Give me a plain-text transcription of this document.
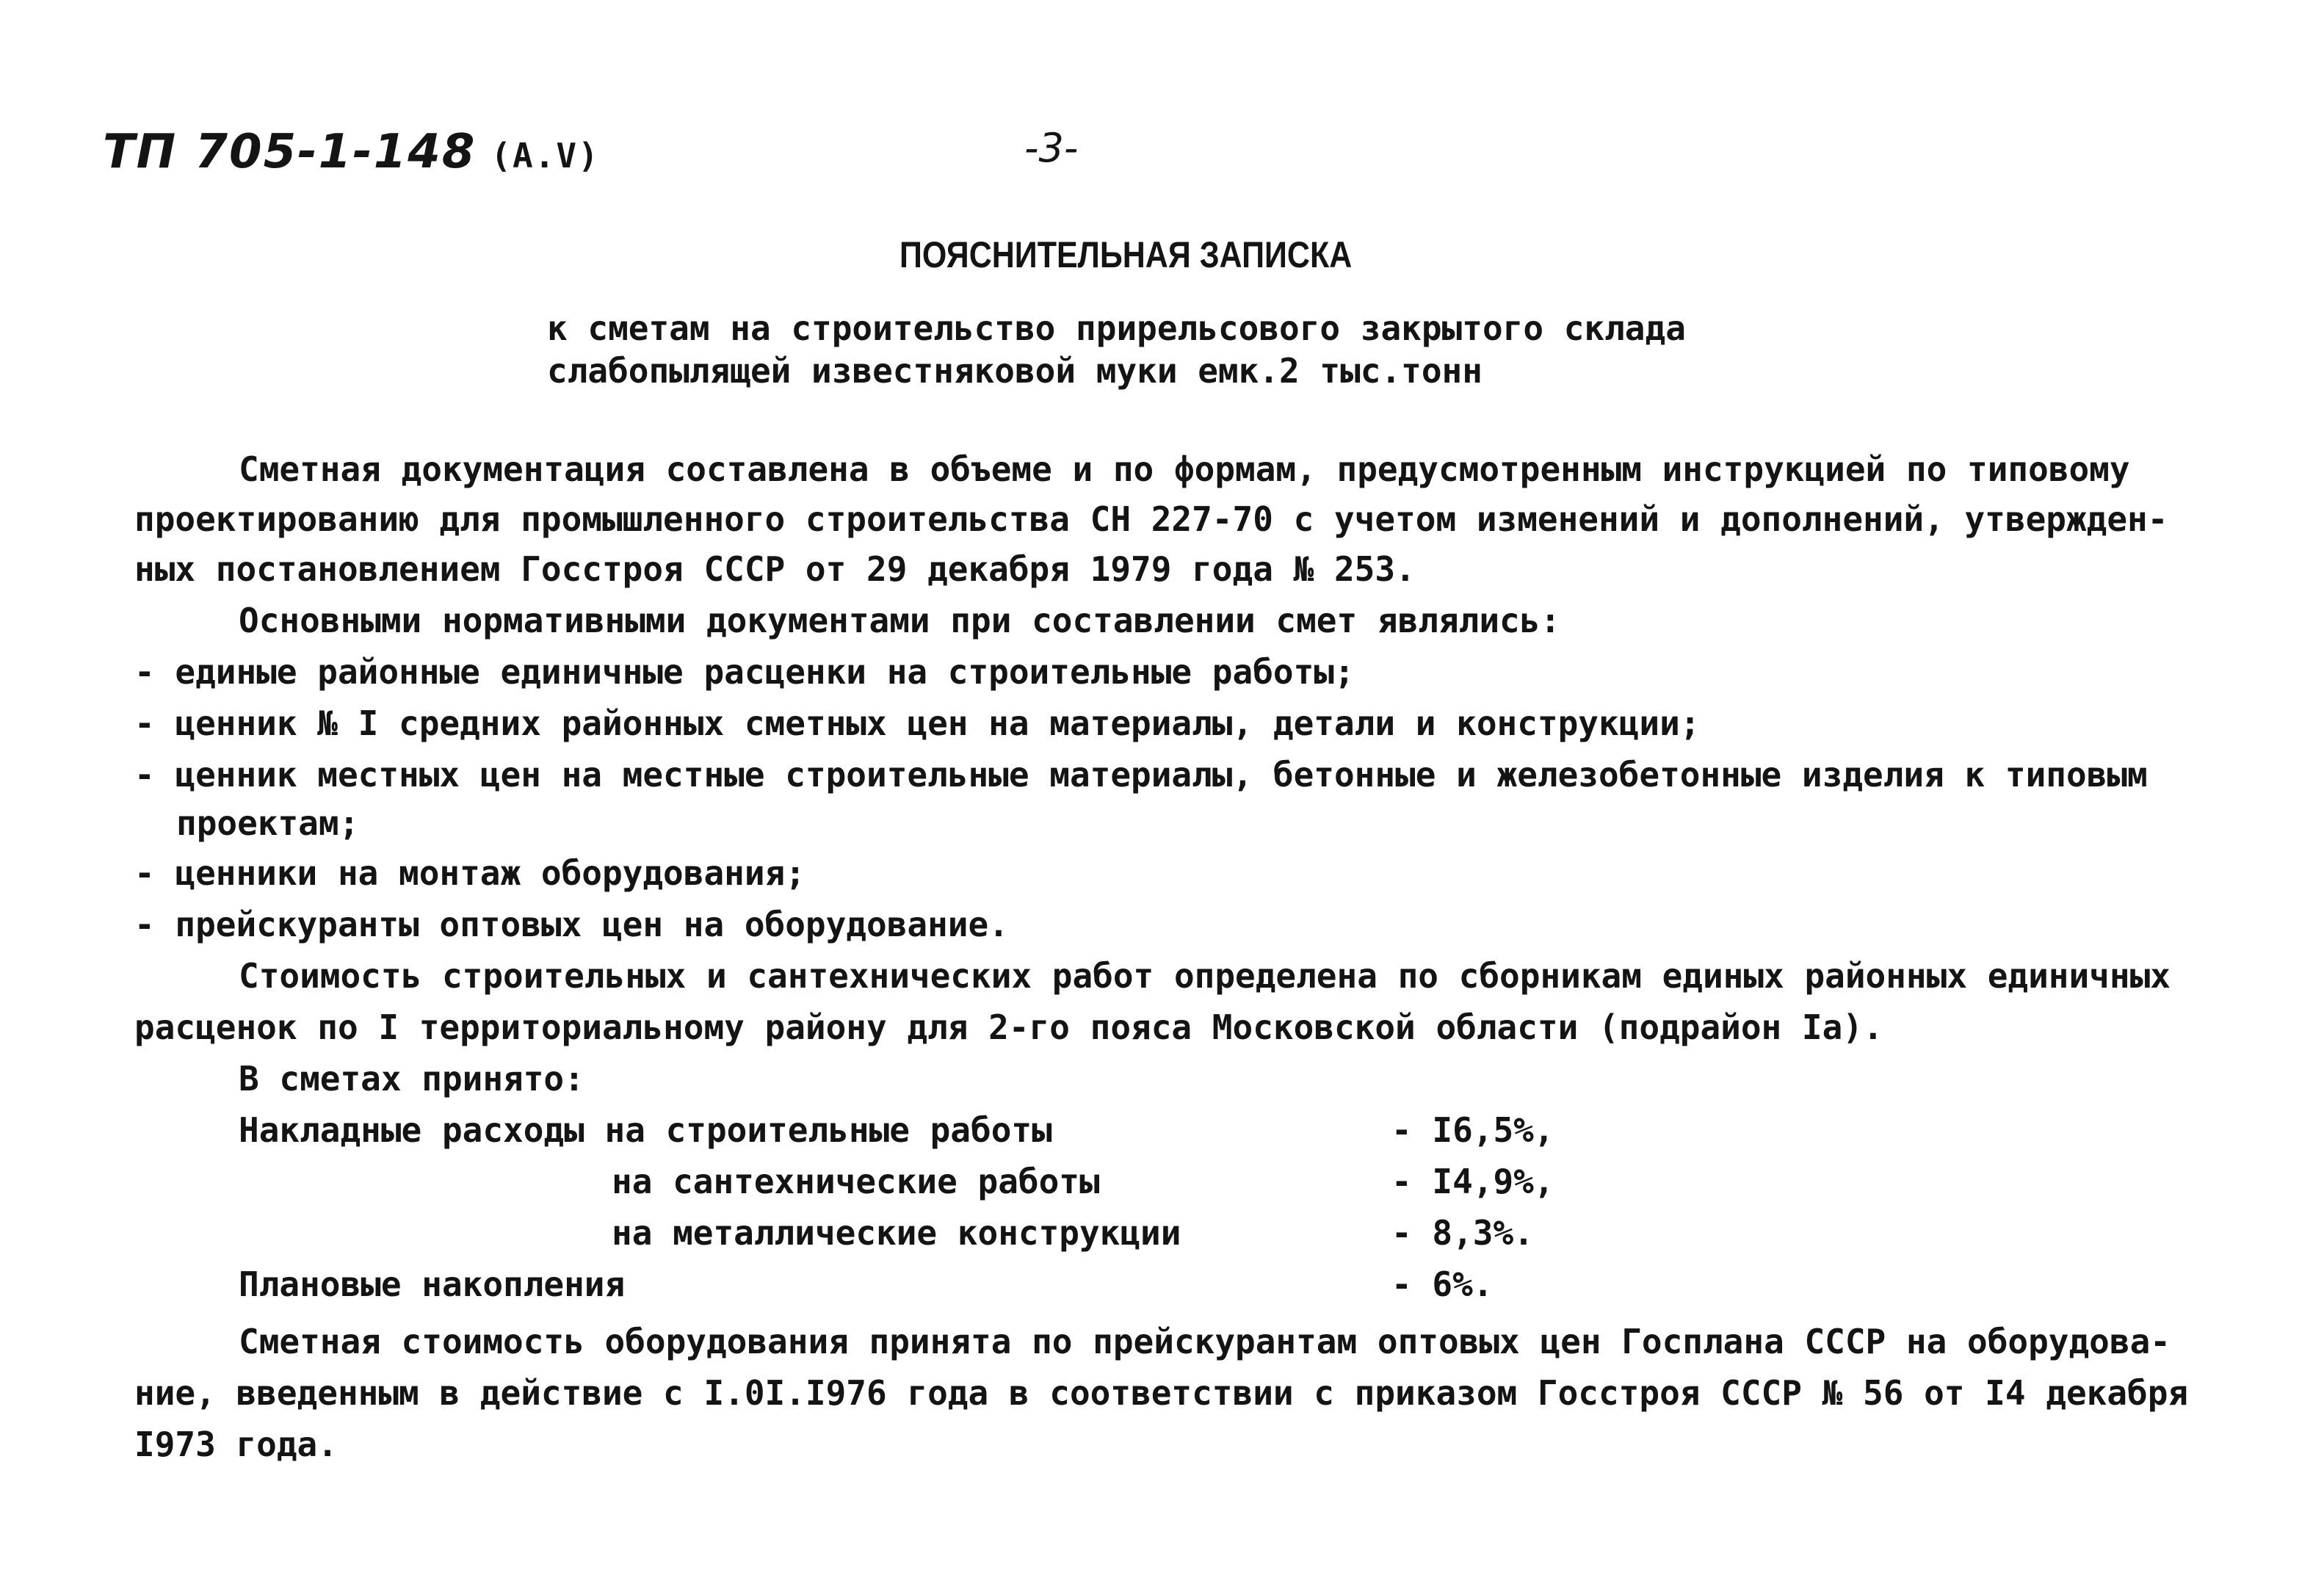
ТП 705-1-148 (A.V)	-3-
ПОЯСНИТЕЛЬНАЯ ЗАПИСКА
к сметам на строительство прирельсового закрытого склада
слабопылящей известняковой муки емк.2 тыс.тонн
Сметная документация составлена в объеме и по формам, предусмотренным инструкцией по типовому
проектированию для промышленного строительства СН 227-70 с учетом изменений и дополнений, утвержден-
ных постановлением Госстроя СССР от 29 декабря 1979 года № 253.
Основными нормативными документами при составлении смет являлись:
- единые районные единичные расценки на строительные работы;
- ценник № I средних районных сметных цен на материалы, детали и конструкции;
- ценник местных цен на местные строительные материалы, бетонные и железобетонные изделия к типовым
проектам;
- ценники на монтаж оборудования;
- прейскуранты оптовых цен на оборудование.
Стоимость строительных и сантехнических работ определена по сборникам единых районных единичных
расценок по I территориальному району для 2-го пояса Московской области (подрайон Iа).
В сметах принято:
Накладные расходы на строительные работы	- I6,5%,
на сантехнические работы	- I4,9%,
на металлические конструкции	- 8,3%.
Плановые накопления	- 6%.
Сметная стоимость оборудования принята по прейскурантам оптовых цен Госплана СССР на оборудова-
ние, введенным в действие с I.0I.I976 года в соответствии с приказом Госстроя СССР № 56 от I4 декабря
I973 года.
